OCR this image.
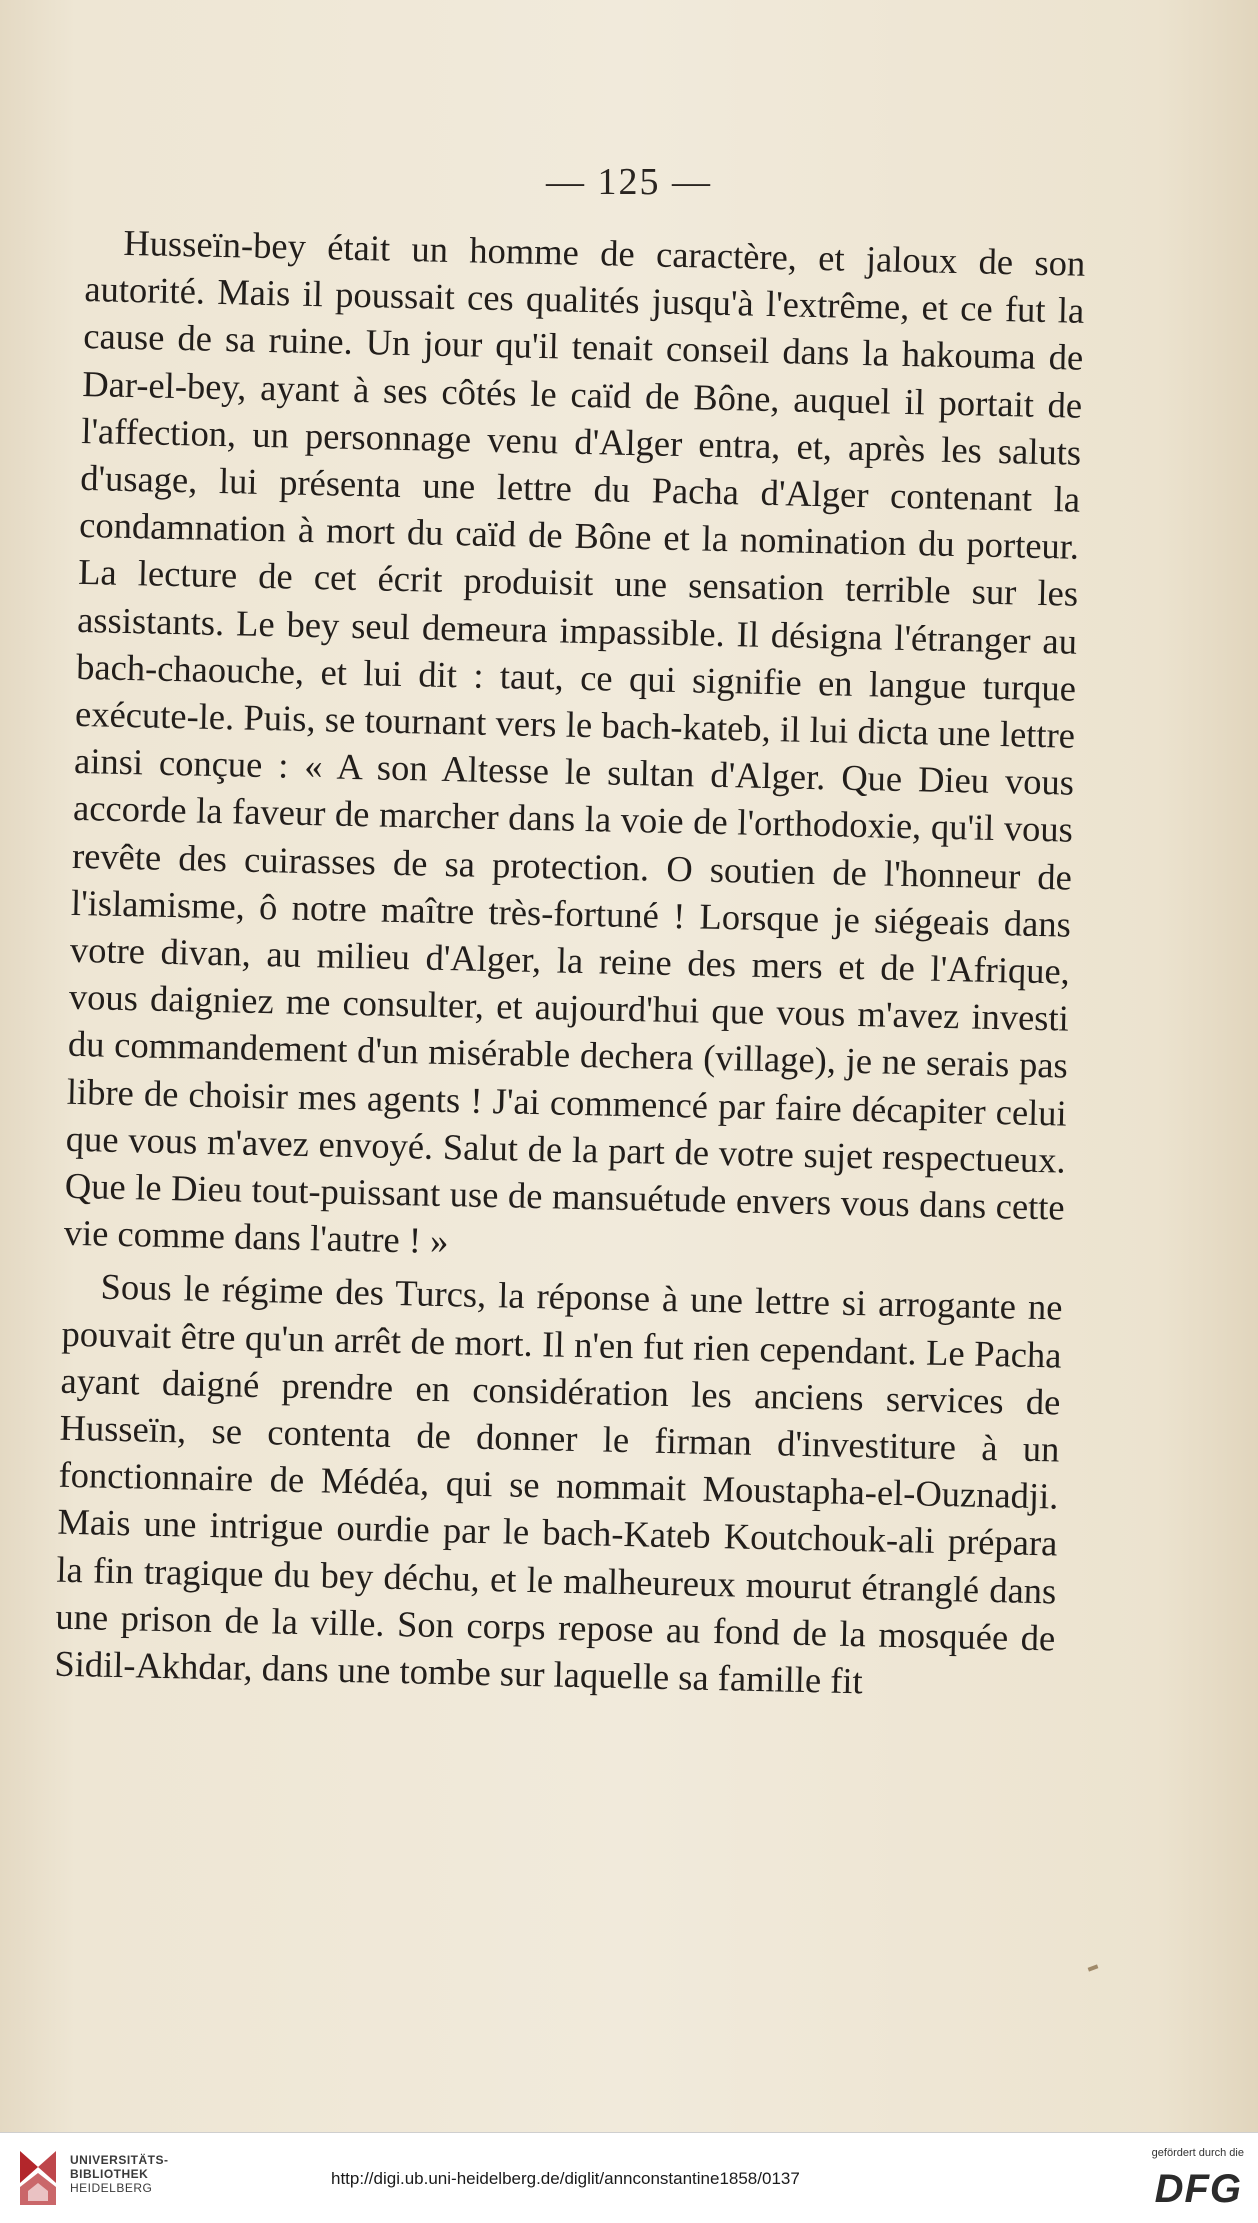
— 125 —

Husseïn-bey était un homme de caractère, et jaloux de son autorité. Mais il poussait ces qualités jusqu'à l'extrême, et ce fut la cause de sa ruine. Un jour qu'il tenait conseil dans la hakouma de Dar-el-bey, ayant à ses côtés le caïd de Bône, auquel il portait de l'affection, un personnage venu d'Alger entra, et, après les saluts d'usage, lui présenta une lettre du Pacha d'Alger contenant la condamnation à mort du caïd de Bône et la nomination du porteur. La lecture de cet écrit produisit une sensation terrible sur les assistants. Le bey seul demeura impassible. Il désigna l'étranger au bach-chaouche, et lui dit : taut, ce qui signifie en langue turque exécute-le. Puis, se tournant vers le bach-kateb, il lui dicta une lettre ainsi conçue : « A son Altesse le sultan d'Alger. Que Dieu vous accorde la faveur de marcher dans la voie de l'orthodoxie, qu'il vous revête des cuirasses de sa protection. O soutien de l'honneur de l'islamisme, ô notre maître très-fortuné ! Lorsque je siégeais dans votre divan, au milieu d'Alger, la reine des mers et de l'Afrique, vous daigniez me consulter, et aujourd'hui que vous m'avez investi du commandement d'un misérable dechera (village), je ne serais pas libre de choisir mes agents ! J'ai commencé par faire décapiter celui que vous m'avez envoyé. Salut de la part de votre sujet respectueux. Que le Dieu tout-puissant use de mansuétude envers vous dans cette vie comme dans l'autre ! »

Sous le régime des Turcs, la réponse à une lettre si arrogante ne pouvait être qu'un arrêt de mort. Il n'en fut rien cependant. Le Pacha ayant daigné prendre en considération les anciens services de Husseïn, se contenta de donner le firman d'investiture à un fonctionnaire de Médéa, qui se nommait Moustapha-el-Ouznadji. Mais une intrigue ourdie par le bach-Kateb Koutchouk-ali prépara la fin tragique du bey déchu, et le malheureux mourut étranglé dans une prison de la ville. Son corps repose au fond de la mosquée de Sidil-Akhdar, dans une tombe sur laquelle sa famille fit

UNIVERSITÄTS-
BIBLIOTHEK
HEIDELBERG	http://digi.ub.uni-heidelberg.de/diglit/annconstantine1858/0137
gefördert durch die
DFG
